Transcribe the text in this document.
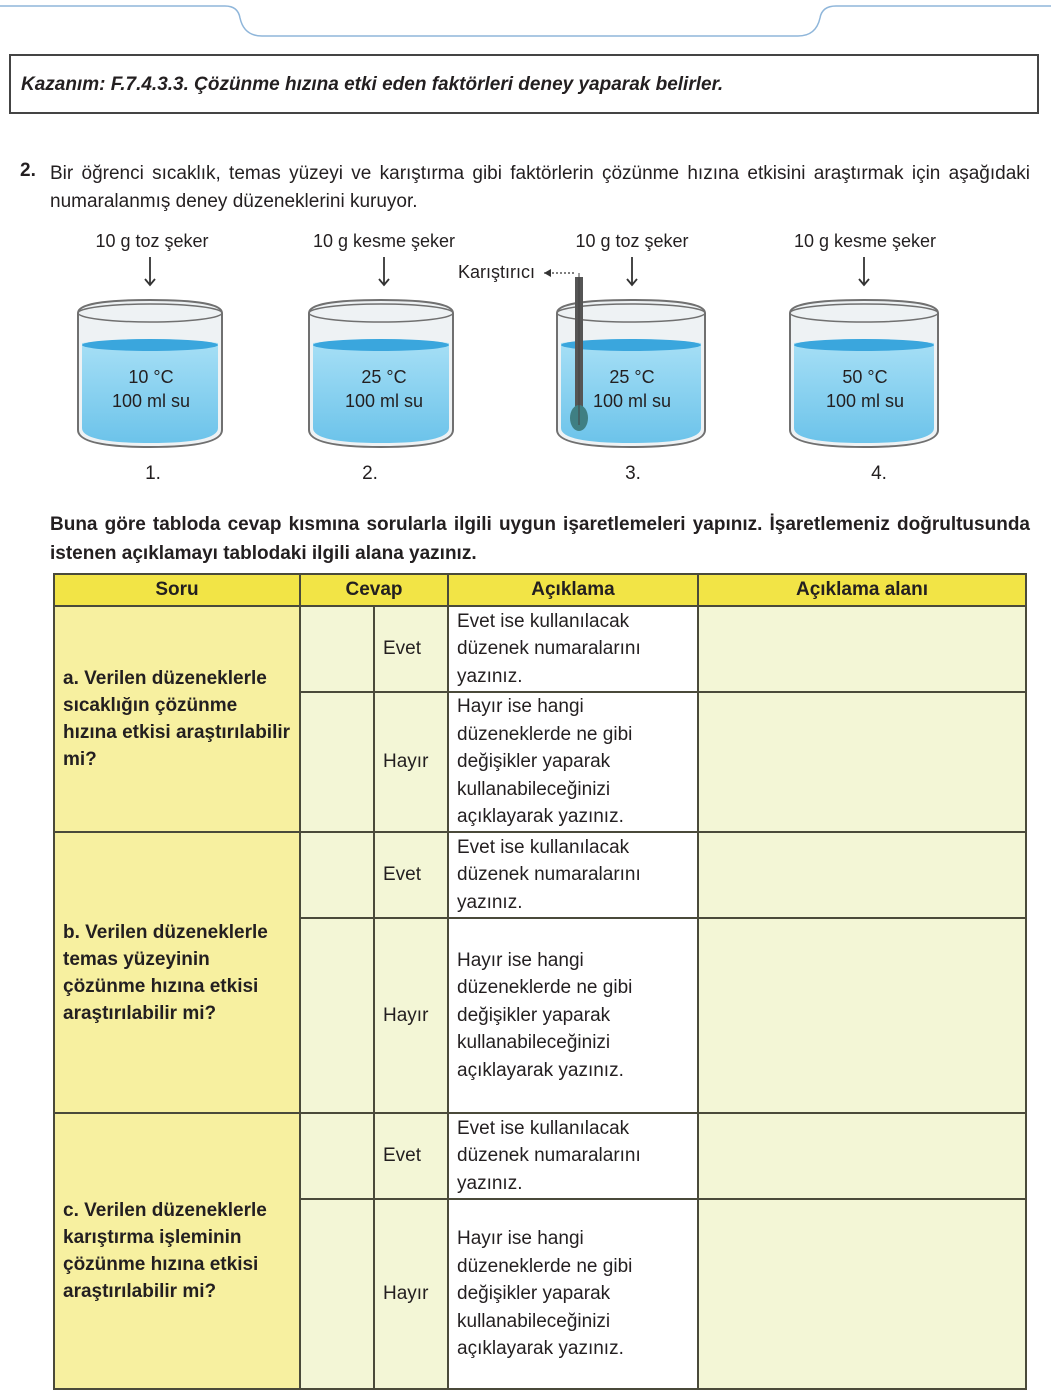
Kazanım: F.7.4.3.3. Çözünme hızına etki eden faktörleri deney yaparak belirler.
2. Bir öğrenci sıcaklık, temas yüzeyi ve karıştırma gibi faktörlerin çözünme hızına etkisini araştırmak için aşağıdaki numaralanmış deney düzeneklerini kuruyor.
10 g toz şeker	10 g kesme şeker	10 g toz şeker	10 g kesme şeker
Karıştırıcı
10 °C
100 ml su
25 °C
100 ml su
25 °C
100 ml su
50 °C
100 ml su
1.	2.	3.	4.
Buna göre tabloda cevap kısmına sorularla ilgili uygun işaretlemeleri yapınız. İşaretlemeniz doğrultusunda istenen açıklamayı tablodaki ilgili alana yazınız.
Soru	Cevap		Açıklama	Açıklama alanı
a. Verilen düzeneklerle sıcaklığın çözünme hızına etkisi araştırılabilir mi?		Evet	Evet ise kullanılacak düzenek numaralarını yazınız.	
		Hayır	Hayır ise hangi düzeneklerde ne gibi değişikler yaparak kullanabileceğinizi açıklayarak yazınız.	
b. Verilen düzeneklerle temas yüzeyinin çözünme hızına etkisi araştırılabilir mi?		Evet	Evet ise kullanılacak düzenek numaralarını yazınız.	
		Hayır	Hayır ise hangi düzeneklerde ne gibi değişikler yaparak kullanabileceğinizi açıklayarak yazınız.	
c. Verilen düzeneklerle karıştırma işleminin çözünme hızına etkisi araştırılabilir mi?		Evet	Evet ise kullanılacak düzenek numaralarını yazınız.	
		Hayır	Hayır ise hangi düzeneklerde ne gibi değişikler yaparak kullanabileceğinizi açıklayarak yazınız.	
